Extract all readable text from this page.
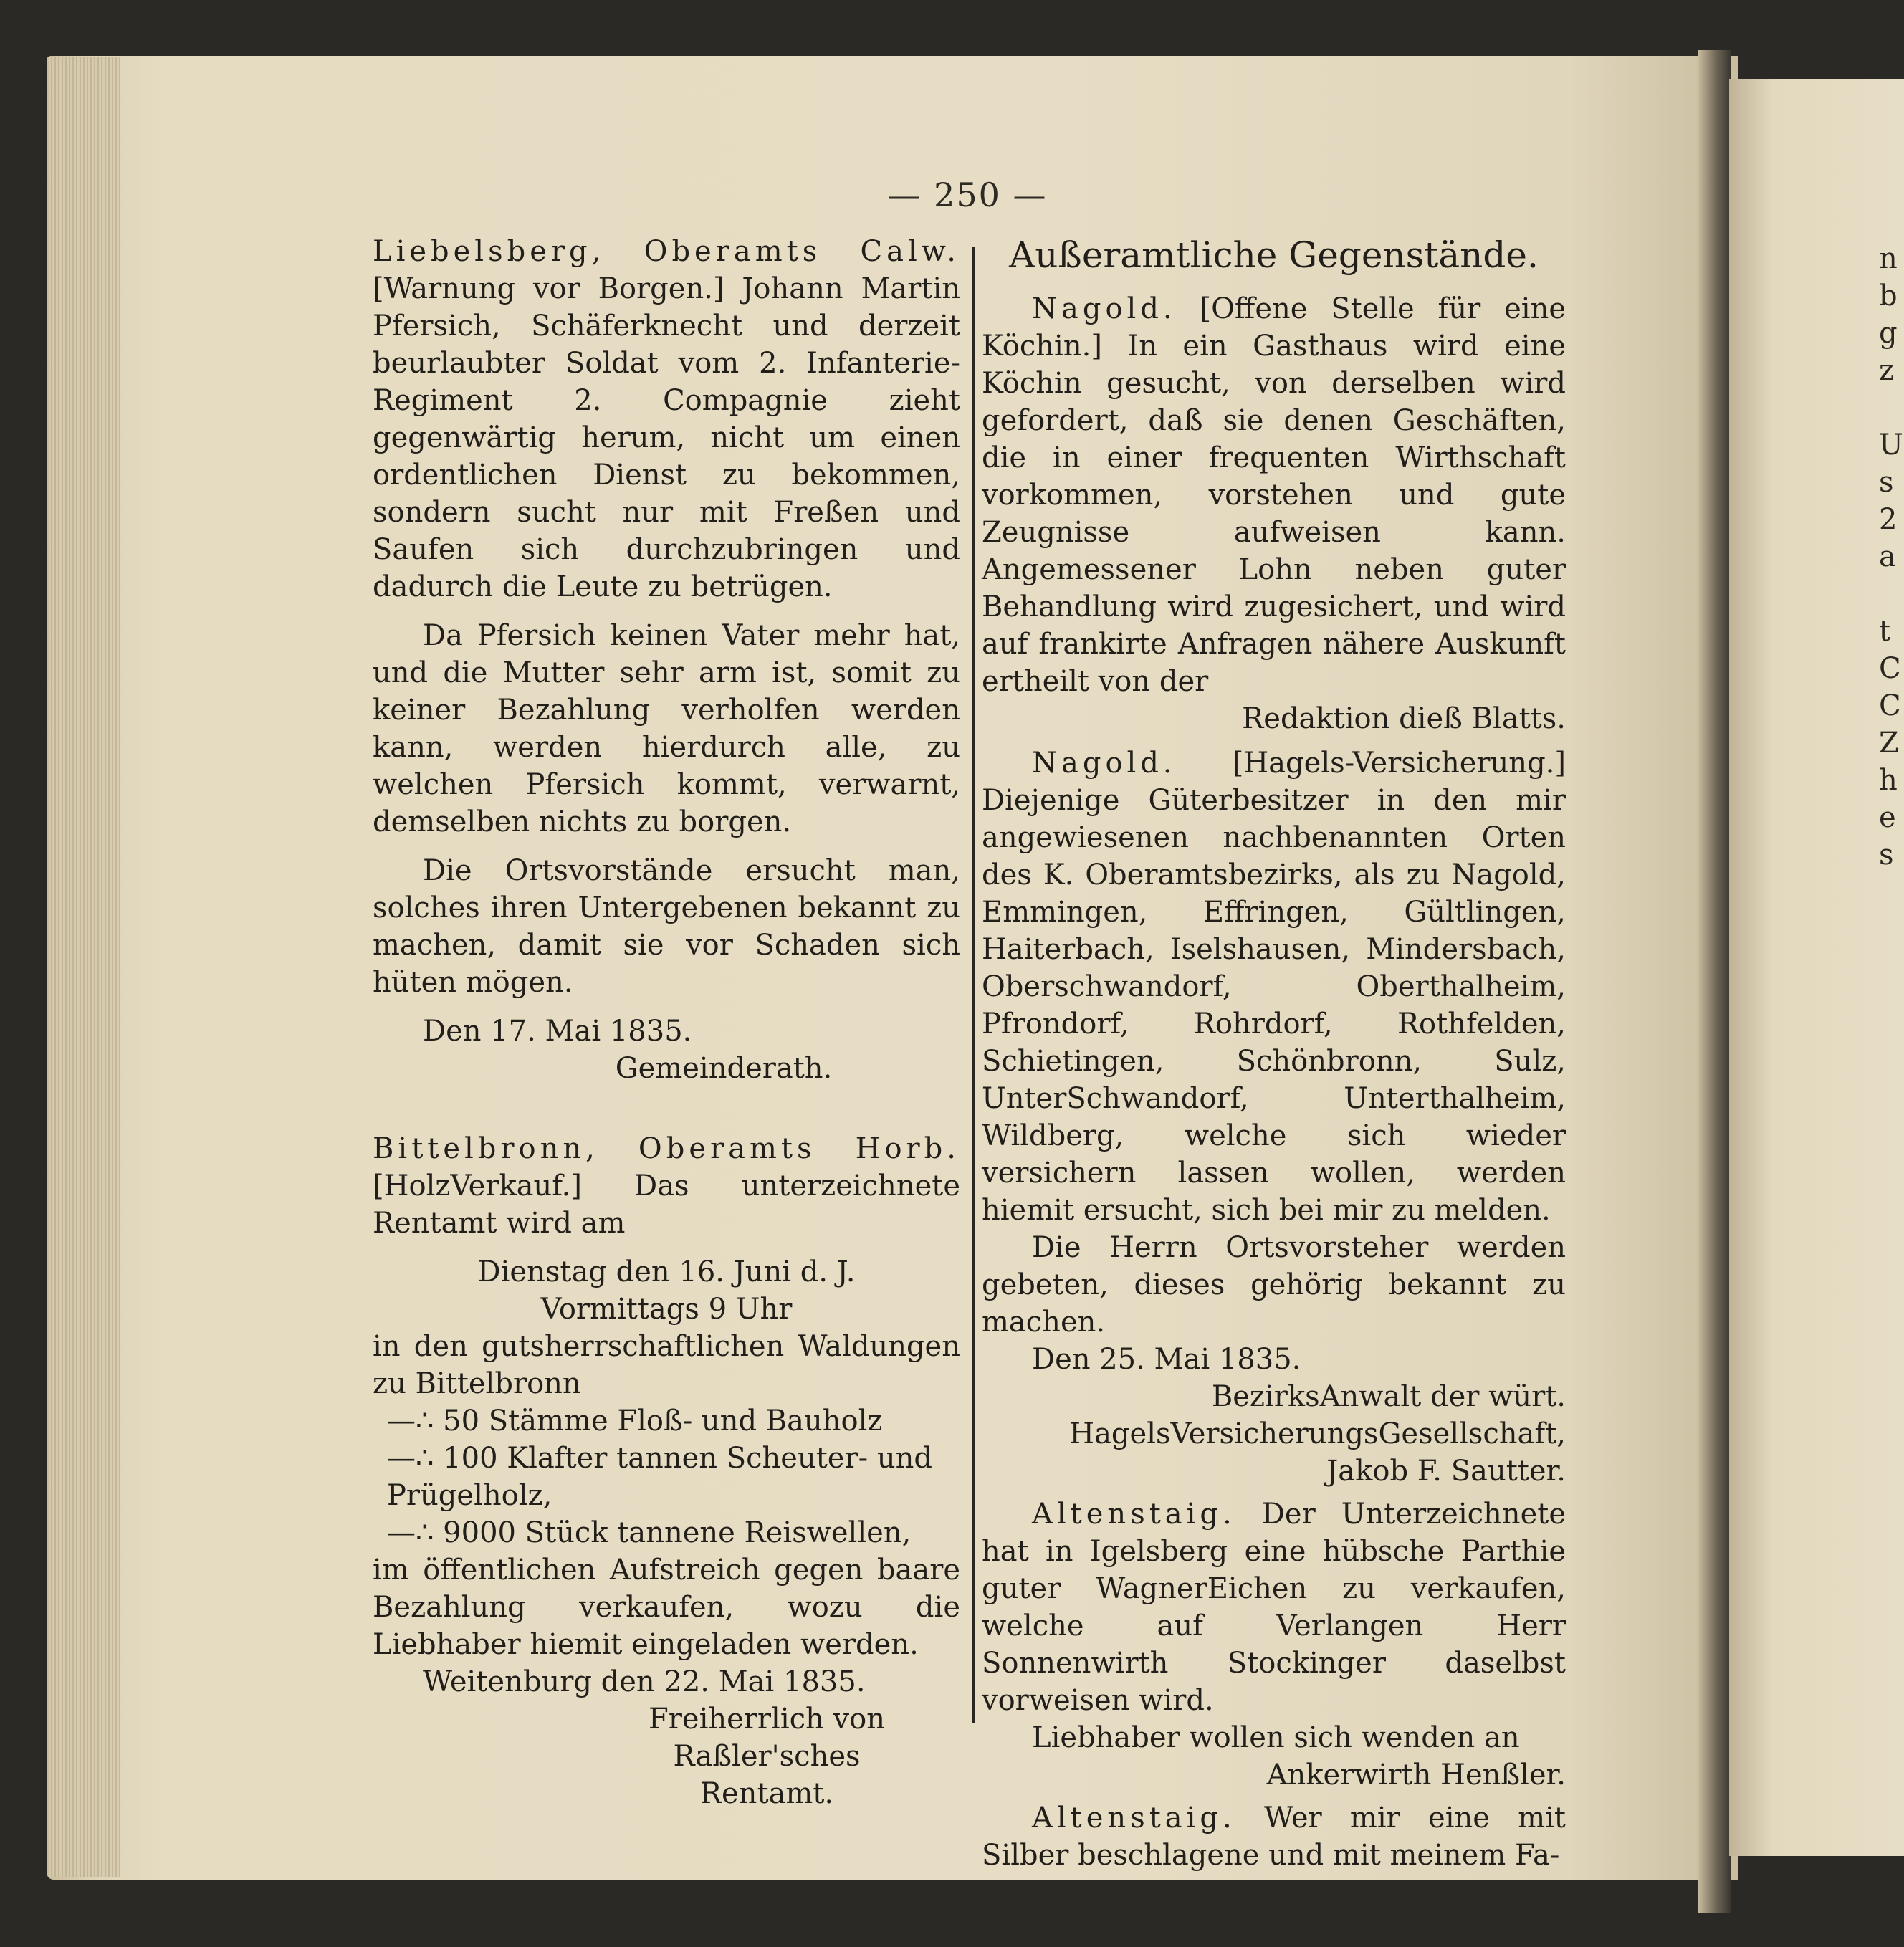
— 250 —

Liebelsberg, Oberamts Calw. [Warnung vor Borgen.] Johann Martin Pfersich, Schäferknecht und derzeit beurlaubter Soldat vom 2. Infanterie-Regiment 2. Compagnie zieht gegenwärtig herum, nicht um einen ordentlichen Dienst zu bekommen, sondern sucht nur mit Freßen und Saufen sich durchzubringen und dadurch die Leute zu betrügen.

Da Pfersich keinen Vater mehr hat, und die Mutter sehr arm ist, somit zu keiner Bezahlung verholfen werden kann, werden hierdurch alle, zu welchen Pfersich kommt, verwarnt, demselben nichts zu borgen.

Die Ortsvorstände ersucht man, solches ihren Untergebenen bekannt zu machen, damit sie vor Schaden sich hüten mögen.

Den 17. Mai 1835.

Gemeinderath.

Bittelbronn, Oberamts Horb. [HolzVerkauf.] Das unterzeichnete Rentamt wird am

Dienstag den 16. Juni d. J.

Vormittags 9 Uhr

in den gutsherrschaftlichen Waldungen zu Bittelbronn

—∴ 50 Stämme Floß- und Bauholz

—∴ 100 Klafter tannen Scheuter- und Prügelholz,

—∴ 9000 Stück tannene Reiswellen,

im öffentlichen Aufstreich gegen baare Bezahlung verkaufen, wozu die Liebhaber hiemit eingeladen werden.

Weitenburg den 22. Mai 1835.

Freiherrlich von

Raßler'sches

Rentamt.

Außeramtliche Gegenstände.

Nagold. [Offene Stelle für eine Köchin.] In ein Gasthaus wird eine Köchin gesucht, von derselben wird gefordert, daß sie denen Geschäften, die in einer frequenten Wirthschaft vorkommen, vorstehen und gute Zeugnisse aufweisen kann. Angemessener Lohn neben guter Behandlung wird zugesichert, und wird auf frankirte Anfragen nähere Auskunft ertheilt von der

Redaktion dieß Blatts.

Nagold. [Hagels-Versicherung.] Diejenige Güterbesitzer in den mir angewiesenen nachbenannten Orten des K. Oberamtsbezirks, als zu Nagold, Emmingen, Effringen, Gültlingen, Haiterbach, Iselshausen, Mindersbach, Oberschwandorf, Oberthalheim, Pfrondorf, Rohrdorf, Rothfelden, Schietingen, Schönbronn, Sulz, UnterSchwandorf, Unterthalheim, Wildberg, welche sich wieder versichern lassen wollen, werden hiemit ersucht, sich bei mir zu melden.

Die Herrn Ortsvorsteher werden gebeten, dieses gehörig bekannt zu machen.

Den 25. Mai 1835.

BezirksAnwalt der würt.

HagelsVersicherungsGesellschaft,

Jakob F. Sautter.

Altenstaig. Der Unterzeichnete hat in Igelsberg eine hübsche Parthie guter WagnerEichen zu verkaufen, welche auf Verlangen Herr Sonnenwirth Stockinger daselbst vorweisen wird.

Liebhaber wollen sich wenden an

Ankerwirth Henßler.

Altenstaig. Wer mir eine mit Silber beschlagene und mit meinem Fa-

n
b
g
z
U
s
2
a
t
C
C
Z
h
e
s
